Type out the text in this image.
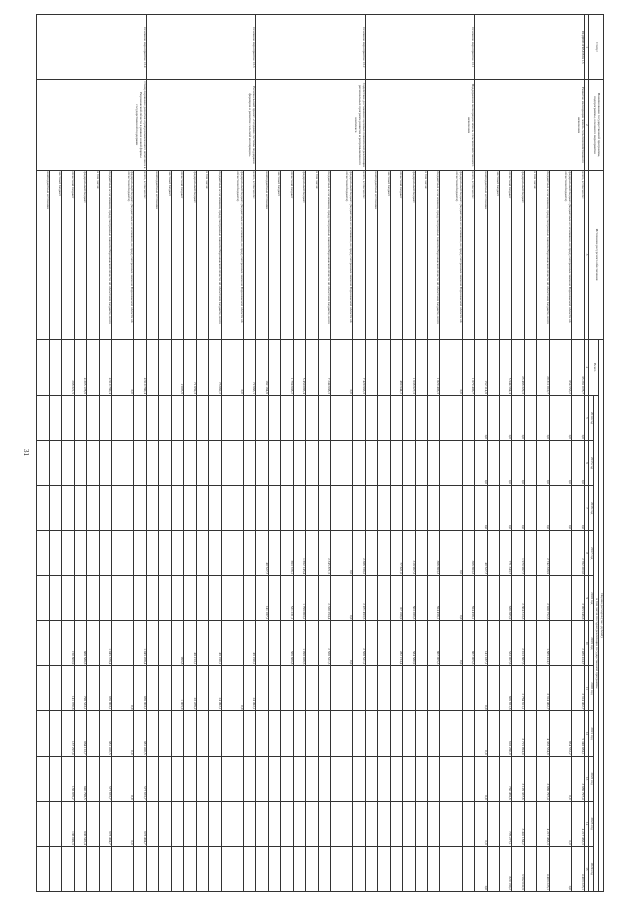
31
Статус	Наименование государственной программы, подпрограммы, основного мероприятия	Источники ресурсного обеспечения	Оценка расходов (тыс. рублей)											
			Всего	в том числе по годам реализации государственной программы										
				2014 год	2015 год	2016 год	2017 год	2018 год	2019 год	2020 год	2021 год	2022 год	2023 год	2024 год
1	2	3	4	5	6	7	8	9	10	11	12	13	14	15
ПОДПРОГРАММА 13	Развитие мелиорации земель сельскохозяйственного назначения	всего, в том числе:	33 281 078,7	0,0	0,0	0,0	2 782 203,6	3 965 946,6	2 489 414,7	3 314 462,7	5 348 084,1	3 889 797,4	4 217 463,3	4 403 223,1
		федеральный бюджет (бюджетные ассигнования, не предусмотренные законом Воронежской области об областном бюджете)	854 553,2	0,0	0,0	0,0					854 553,2	0,0	0,0	0,0
		бюджетные ассигнования, предусмотренные законом Воронежской области об областном бюджете, всего	29 311 010,7	0,0	0,0	0,0	2 742 338,9	2 920 752,5	1 885 414,7	3 314 462,7	4 333 534,9	3 889 797,4	4 217 463,3	4 403 223,1
		в том числе:												
		федеральный бюджет	23 486 329,3	0,0	0,0	0,0	1 970 987,7	2 304 313,3	2 013 667,5	2 764 811,1	3 715 094,0	3 129 337,6	3 441 184,2	3 582 032,9
		областной бюджет	5 944 584,4	0,0	0,0	0,0	771 343,7	630 385,9	533 907,6	609 651,6	618 260,9	760 459,8	776 277,1	820 190,2
		местный бюджет												
		внебюджетные источники	152 114,8	0,0	0,0	0,0	40 527,7		141 187,1	0,0	0,0	0,0	0,0	0,0
Основное мероприятие 13.1	Поддержание мелиорации земель сельскохозяйственного назначения	всего, в том числе:	1 879 406,7				366 683,3	594 458,1	867 005,3					
		федеральный бюджет (бюджетные ассигнования, не предусмотренные законом Воронежской области об областном бюджете)	0,0				0,0	0,0	0,0					
		бюджетные ассигнования, предусмотренные законом Воронежской области об областном бюджете, всего	1 829 406,3				366 683,3	594 458,1	867 005,3					
		в том числе:												
		федеральный бюджет	1 638 927,3				318 967,3	503 289,3	584 580,9					
		областной бюджет	469 944,2				77 621,0	87 168,9	282 154,4					
		местный бюджет												
		внебюджетные источники												
Основное мероприятие 13.2	Содействие достижению целевых показателей реализации региональных программ развития агропромышленного комплекса	всего, в том числе:	7 420 993,3				2 386 739,2	2 471 493,5	2 568 521,2					
		федеральный бюджет (бюджетные ассигнования, не предусмотренные законом Воронежской области об областном бюджете)	0,0				0,0	0,0	0,0					
		бюджетные ассигнования, предусмотренные законом Воронежской области об областном бюджете, всего	7 244 698,3				2 345 871,5	2 330 294,4	2 568 521,3					
		в том числе:												
		федеральный бюджет	5 450 085,4				1 652 145,4	1 799 063,2	1 998 026,5					
		областной бюджет	1 794 608,2				693 726,1	531 231,1	569 669,8					
		местный бюджет												
		внебюджетные источники	182 184,8				40 527,7	141 187,1						
Основное мероприятие 13.3	Региональный проект «Создание системы поддержки фермеров и развитие сельской кооперации»	всего, в том числе:	72 683,1						49 190,1	24 492,1				
		федеральный бюджет (бюджетные ассигнования, не предусмотренные законом Воронежской области об областном бюджете)	0,0							0,0				
		бюджетные ассигнования, предусмотренные законом Воронежской области об областном бюджете, всего	73 682,2						49 190,1	24 492,1				
		в том числе:												
		федеральный бюджет	71 659,3						48 213,1	23 476,2				
		областной бюджет	2 005,9						999,8	1 005,9				
		местный бюджет												
		внебюджетные источники												
Основное мероприятие 13.4	Стимулирование развития агропромышленного комплекса в Воронежской области в рамках новой формы государственной поддержки	всего, в том числе:	4 910 780,4						1 045 208,4	939 903,1	981 410,5	577 672,7	973 494,7	
		федеральный бюджет (бюджетные ассигнования, не предусмотренные законом Воронежской области об областном бюджете)	0,0							0,0	0,0	0,0	0,0	
		бюджетные ассигнования, предусмотренные законом Воронежской области об областном бюджете, всего	4 910 780,4						1 045 378,4	939 903,1	981 410,5	577 672,7	973 494,7	
		в том числе:												
		федеральный бюджет	4 305 178,9						888 588,6	798 533,1	864 113,7	840 796,5	836 545,4	
		областной бюджет	298 321,5						150 809,9	141 970,6	137 297,0	136 876,2	136 049,3	
		местный бюджет												
		внебюджетные источники												
